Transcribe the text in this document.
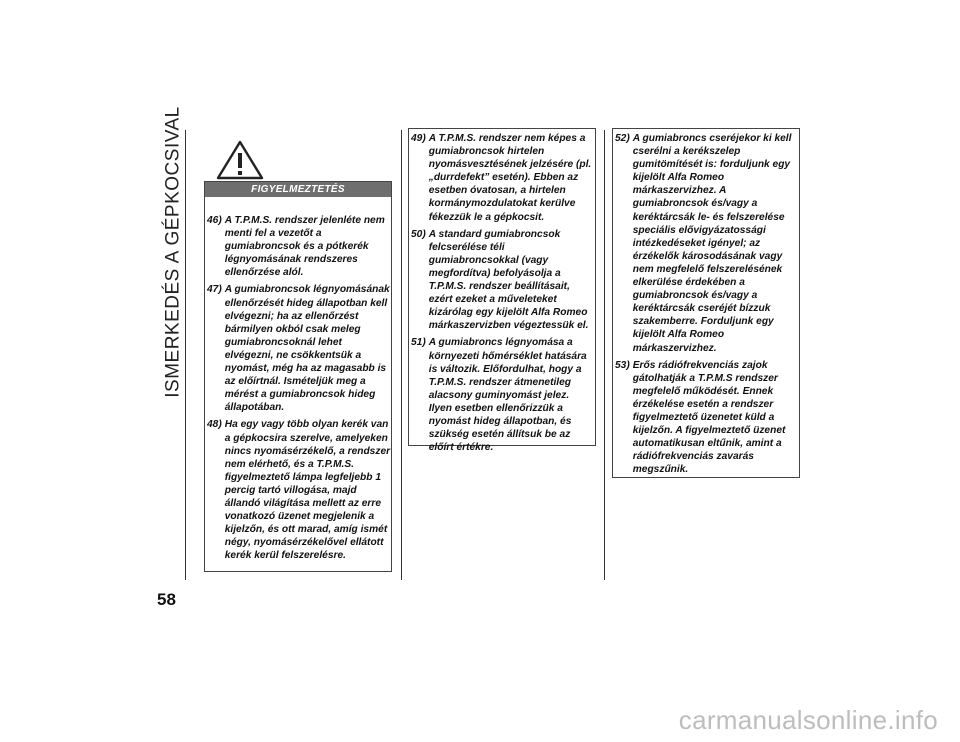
ISMERKEDÉS A GÉPKOCSIVAL
58
FIGYELMEZTETÉS
46) A T.P.M.S. rendszer jelenléte nem menti fel a vezetőt a gumiabroncsok és a pótkerék légnyomásának rendszeres ellenőrzése alól.
47) A gumiabroncsok légnyomásának ellenőrzését hideg állapotban kell elvégezni; ha az ellenőrzést bármilyen okból csak meleg gumiabroncsoknál lehet elvégezni, ne csökkentsük a nyomást, még ha az magasabb is az előírtnál. Ismételjük meg a mérést a gumiabroncsok hideg állapotában.
48) Ha egy vagy több olyan kerék van a gépkocsira szerelve, amelyeken nincs nyomásérzékelő, a rendszer nem elérhető, és a T.P.M.S. figyelmeztető lámpa legfeljebb 1 percig tartó villogása, majd állandó világítása mellett az erre vonatkozó üzenet megjelenik a kijelzőn, és ott marad, amíg ismét négy, nyomásérzékelővel ellátott kerék kerül felszerelésre.
49) A T.P.M.S. rendszer nem képes a gumiabroncsok hirtelen nyomásvesztésének jelzésére (pl. „durrdefekt” esetén). Ebben az esetben óvatosan, a hirtelen kormánymozdulatokat kerülve fékezzük le a gépkocsit.
50) A standard gumiabroncsok felcserélése téli gumiabroncsokkal (vagy megfordítva) befolyásolja a T.P.M.S. rendszer beállításait, ezért ezeket a műveleteket kizárólag egy kijelölt Alfa Romeo márkaszervizben végeztessük el.
51) A gumiabroncs légnyomása a környezeti hőmérséklet hatására is változik. Előfordulhat, hogy a T.P.M.S. rendszer átmenetileg alacsony guminyomást jelez. Ilyen esetben ellenőrizzük a nyomást hideg állapotban, és szükség esetén állítsuk be az előírt értékre.
52) A gumiabroncs cseréjekor ki kell cserélni a kerékszelep gumitömítését is: forduljunk egy kijelölt Alfa Romeo márkaszervizhez. A gumiabroncsok és/vagy a keréktárcsák le- és felszerelése speciális elővigyázatossági intézkedéseket igényel; az érzékelők károsodásának vagy nem megfelelő felszerelésének elkerülése érdekében a gumiabroncsok és/vagy a keréktárcsák cseréjét bízzuk szakemberre. Forduljunk egy kijelölt Alfa Romeo márkaszervizhez.
53) Erős rádiófrekvenciás zajok gátolhatják a T.P.M.S rendszer megfelelő működését. Ennek érzékelése esetén a rendszer figyelmeztető üzenetet küld a kijelzőn. A figyelmeztető üzenet automatikusan eltűnik, amint a rádiófrekvenciás zavarás megszűnik.
carmanualsonline.info
